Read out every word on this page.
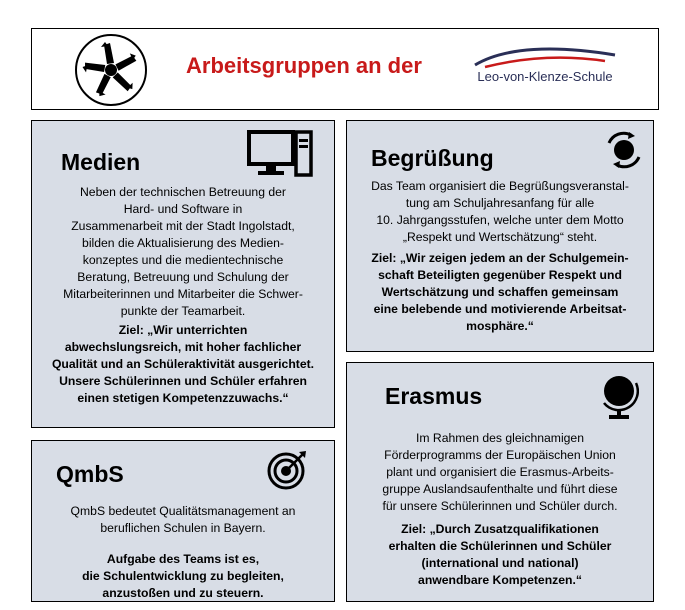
Arbeitsgruppen an der	Leo-von-Klenze-Schule
Medien

Neben der technischen Betreuung der

Hard- und Software in

Zusammenarbeit mit der Stadt Ingolstadt,

bilden die Aktualisierung des Medien-

konzeptes und die medientechnische

Beratung, Betreuung und Schulung der

Mitarbeiterinnen und Mitarbeiter die Schwer-

punkte der Teamarbeit.

Ziel: „Wir unterrichten

abwechslungsreich, mit hoher fachlicher

Qualität und an Schüleraktivität ausgerichtet.

Unsere Schülerinnen und Schüler erfahren

einen stetigen Kompetenzzuwachs.“

Begrüßung

Das Team organisiert die Begrüßungsveranstal-

tung am Schuljahresanfang für alle

10. Jahrgangsstufen, welche unter dem Motto

„Respekt und Wertschätzung“ steht.

Ziel: „Wir zeigen jedem an der Schulgemein-

schaft Beteiligten gegenüber Respekt und

Wertschätzung und schaffen gemeinsam

eine belebende und motivierende Arbeitsat-

mosphäre.“

QmbS

QmbS bedeutet Qualitätsmanagement an

beruflichen Schulen in Bayern.

Aufgabe des Teams ist es,

die Schulentwicklung zu begleiten,

anzustoßen und zu steuern.

Erasmus

Im Rahmen des gleichnamigen

Förderprogramms der Europäischen Union

plant und organisiert die Erasmus-Arbeits-

gruppe Auslandsaufenthalte und führt diese

für unsere Schülerinnen und Schüler durch.

Ziel: „Durch Zusatzqualifikationen

erhalten die Schülerinnen und Schüler

(international und national)

anwendbare Kompetenzen.“
